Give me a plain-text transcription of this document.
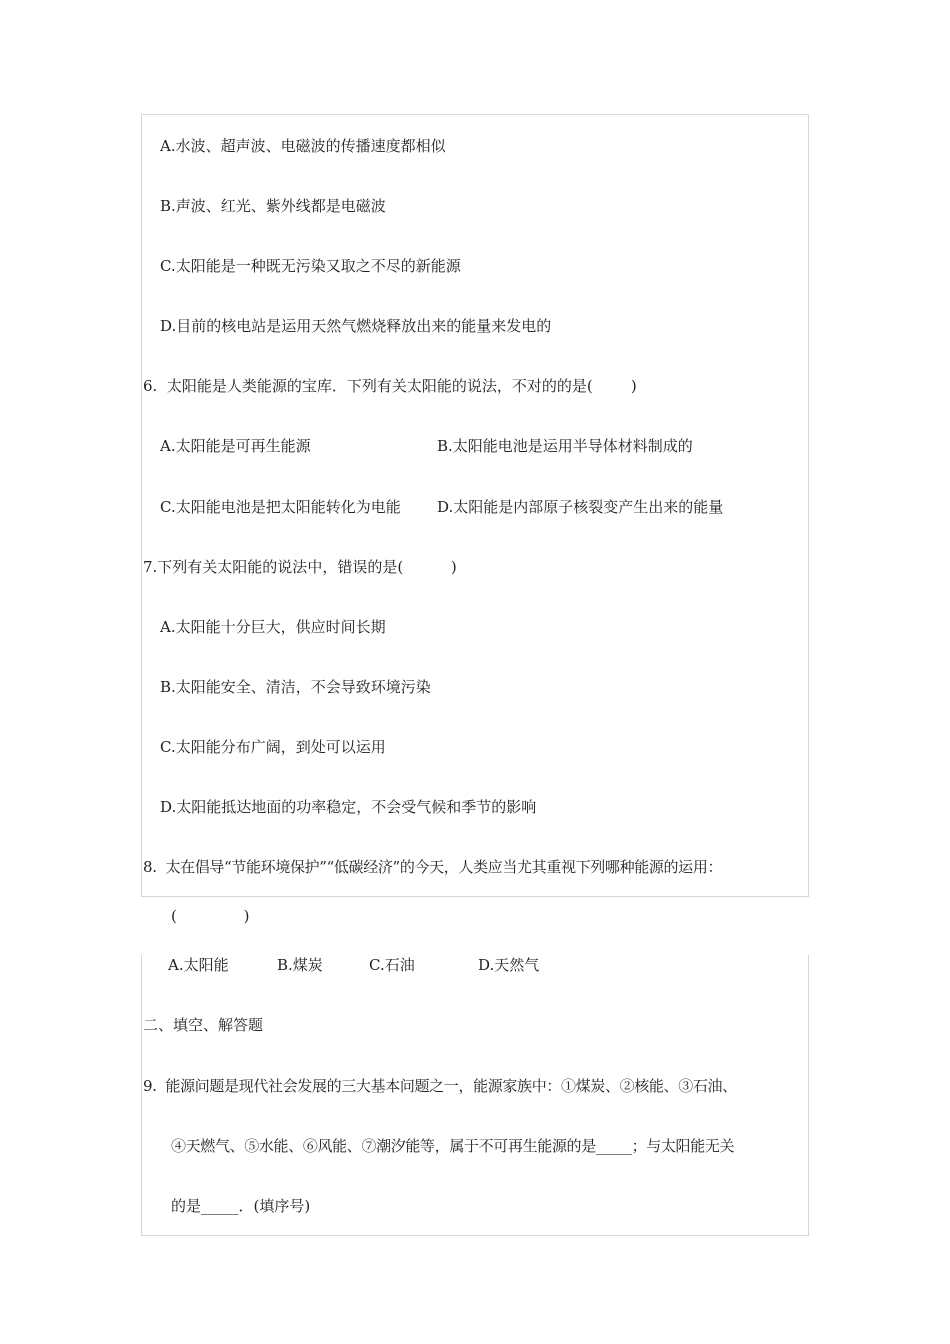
A.水波、超声波、电磁波的传播速度都相似
B.声波、红光、紫外线都是电磁波
C.太阳能是一种既无污染又取之不尽的新能源
D.目前的核电站是运用天然气燃烧释放出来的能量来发电的
6.  太阳能是人类能源的宝库．下列有关太阳能的说法，不对的的是(        )
A.太阳能是可再生能源	B.太阳能电池是运用半导体材料制成的
C.太阳能电池是把太阳能转化为电能 D.太阳能是内部原子核裂变产生出来的能量
7.下列有关太阳能的说法中，错误的是(          )
A.太阳能十分巨大，供应时间长期
B.太阳能安全、清洁，不会导致环境污染
C.太阳能分布广阔，到处可以运用
D.太阳能抵达地面的功率稳定，不会受气候和季节的影响
8.  太在倡导“节能环境保护”“低碳经济”的今天，人类应当尤其重视下列哪种能源的运用：
(              )
A.太阳能	B.煤炭	C.石油	D.天然气
二、填空、解答题
9.  能源问题是现代社会发展的三大基本问题之一，能源家族中：①煤炭、②核能、③石油、
④天燃气、⑤水能、⑥风能、⑦潮汐能等，属于不可再生能源的是_____；与太阳能无关
的是_____．(填序号)
